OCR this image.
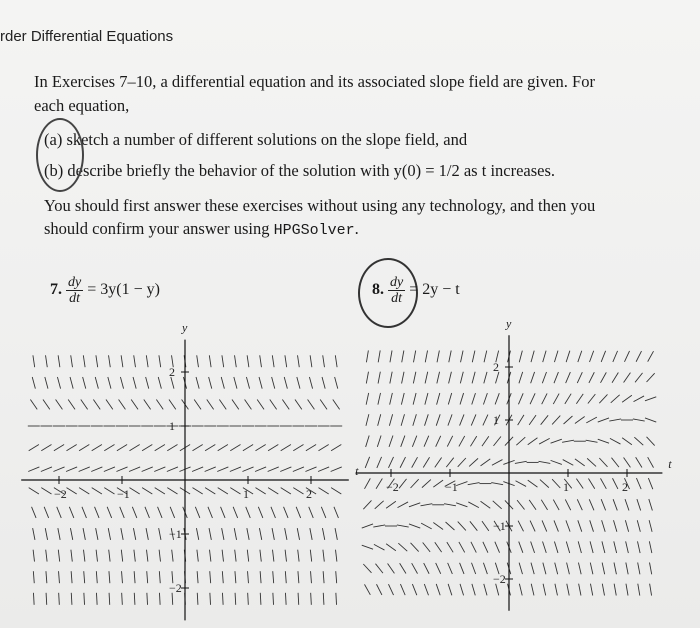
rder Differential Equations
In Exercises 7–10, a differential equation and its associated slope field are given. For
each equation,
(a) sketch a number of different solutions on the slope field, and
(b) describe briefly the behavior of the solution with y(0) = 1/2 as t increases.
You should first answer these exercises without using any technology, and then you
should confirm your answer using HPGSolver.
7. $\frac{dy}{dt} = 3y(1 - y)$	8. $\frac{dy}{dt} = 2y - t$
y
t
−2	−1	1	2
2
1
−1
−2
y
t
−2	−1	1	2
2
1
−1
−2
